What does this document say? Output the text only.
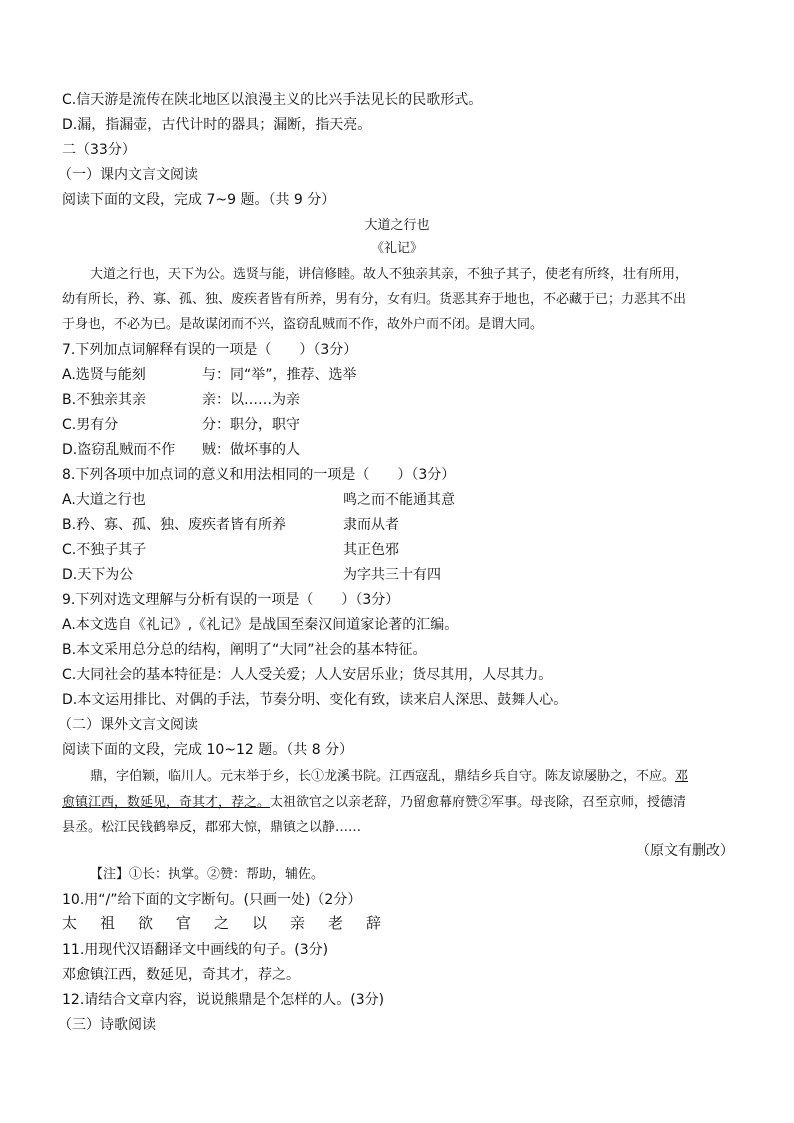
C.信天游是流传在陕北地区以浪漫主义的比兴手法见长的民歌形式。
D.漏，指漏壶，古代计时的器具；漏断，指天亮。
二（33分）
（一）课内文言文阅读
阅读下面的文段，完成 7~9 题。（共 9 分）
大道之行也
《礼记》
大道之行也，天下为公。选贤与能，讲信修睦。故人不独亲其亲，不独子其子，使老有所终，壮有所用，
幼有所长，矜、寡、孤、独、废疾者皆有所养，男有分，女有归。货恶其弃于地也，不必藏于已；力恶其不出
于身也，不必为已。是故谋闭而不兴，盗窃乱贼而不作，故外户而不闭。是谓大同。
7.下列加点词解释有误的一项是（　　）（3分）
A.选贤与能刻	与：同“举”，推荐、选举
B.不独亲其亲	亲：以……为亲
C.男有分	分：职分，职守
D.盗窃乱贼而不作 贼：做坏事的人
8.下列各项中加点词的意义和用法相同的一项是（　　）（3分）
A.大道之行也	鸣之而不能通其意
B.矜、寡、孤、独、废疾者皆有所养	隶而从者
C.不独子其子	其正色邪
D.天下为公	为字共三十有四
9.下列对选文理解与分析有误的一项是（　　）（3分）
A.本文选自《礼记》,《礼记》是战国至秦汉间道家论著的汇编。
B.本文采用总分总的结构，阐明了“大同”社会的基本特征。
C.大同社会的基本特征是：人人受关爱；人人安居乐业；货尽其用，人尽其力。
D.本文运用排比、对偶的手法，节奏分明、变化有致，读来启人深思、鼓舞人心。
（二）课外文言文阅读
阅读下面的文段，完成 10~12 题。（共 8 分）
鼎，字伯颖，临川人。元末举于乡，长①龙溪书院。江西寇乱，鼎结乡兵自守。陈友谅屡胁之，不应。邓
愈镇江西，数延见，奇其才，荐之。太祖欲官之以亲老辞，乃留愈幕府赞②军事。母丧除，召至京师，授德清
县丞。松江民钱鹤皋反，郡邪大惊，鼎镇之以静……
（原文有删改）
【注】①长：执掌。②赞：帮助，辅佐。
10.用“/”给下面的文字断句。(只画一处)（2分）
太 祖 欲 官 之 以 亲 老 辞
11.用现代汉语翻译文中画线的句子。(3分)
邓愈镇江西，数延见，奇其才，荐之。
12.请结合文章内容，说说熊鼎是个怎样的人。(3分)
（三）诗歌阅读
